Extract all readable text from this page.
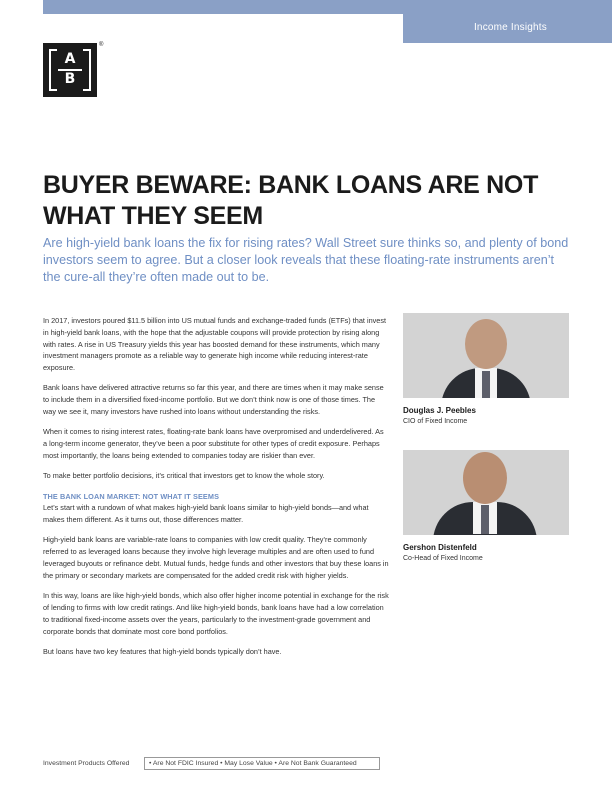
Income Insights
A
B
®
BUYER BEWARE: BANK LOANS ARE NOT WHAT THEY SEEM

Are high-yield bank loans the fix for rising rates? Wall Street sure thinks so, and plenty of bond investors seem to agree. But a closer look reveals that these floating-rate instruments aren’t the cure-all they’re often made out to be.

In 2017, investors poured $11.5 billion into US mutual funds and exchange-traded funds (ETFs) that invest in high-yield bank loans, with the hope that the adjustable coupons will provide protection by rising along with rates. A rise in US Treasury yields this year has boosted demand for these instruments, which many investment managers promote as a reliable way to generate high income while reducing interest-rate exposure.

Bank loans have delivered attractive returns so far this year, and there are times when it may make sense to include them in a diversified fixed-income portfolio. But we don’t think now is one of those times. The way we see it, many investors have rushed into loans without understanding the risks.

When it comes to rising interest rates, floating-rate bank loans have overpromised and underdelivered. As a long-term income generator, they’ve been a poor substitute for other types of credit exposure. Perhaps most importantly, the loans being extended to companies today are riskier than ever.

To make better portfolio decisions, it’s critical that investors get to know the whole story.

THE BANK LOAN MARKET: NOT WHAT IT SEEMS

Let’s start with a rundown of what makes high-yield bank loans similar to high-yield bonds—and what makes them different. As it turns out, those differences matter.

High-yield bank loans are variable-rate loans to companies with low credit quality. They’re commonly referred to as leveraged loans because they involve high leverage multiples and are often used to fund leveraged buyouts or refinance debt. Mutual funds, hedge funds and other investors that buy these loans in the primary or secondary markets are compensated for the added credit risk with higher yields.

In this way, loans are like high-yield bonds, which also offer higher income potential in exchange for the risk of lending to firms with low credit ratings. And like high-yield bonds, bank loans have had a low correlation to traditional fixed-income assets over the years, particularly to the investment-grade government and corporate bonds that dominate most core bond portfolios.

But loans have two key features that high-yield bonds typically don’t have.

Douglas J. Peebles
CIO of Fixed Income
Gershon Distenfeld
Co-Head of Fixed Income
Investment Products Offered	• Are Not FDIC Insured • May Lose Value • Are Not Bank Guaranteed
